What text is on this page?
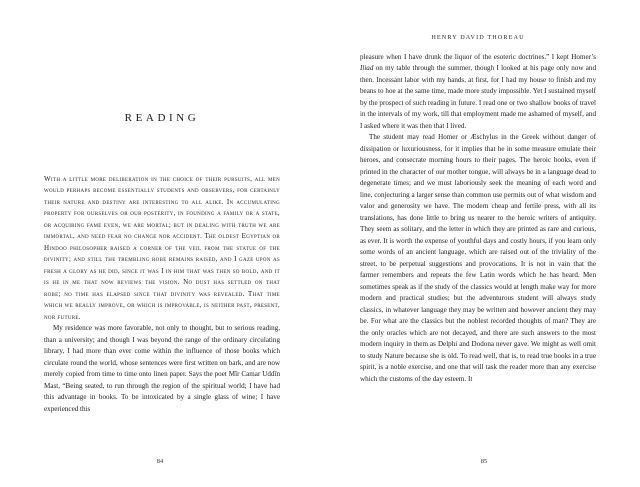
READING

With a little more deliberation in the choice of their pursuits, all men would perhaps become essentially students and observers, for certainly their nature and destiny are interesting to all alike. In accumulating property for ourselves or our posterity, in founding a family or a state, or acquiring fame even, we are mortal; but in dealing with truth we are immortal, and need fear no change nor accident. The oldest Egyptian or Hindoo philosopher raised a corner of the veil from the statue of the divinity; and still the trembling robe remains raised, and I gaze upon as fresh a glory as he did, since it was I in him that was then so bold, and it is he in me that now reviews the vision. No dust has settled on that robe; no time has elapsed since that divinity was revealed. That time which we really improve, or which is improvable, is neither past, present, nor future.

My residence was more favorable, not only to thought, but to serious reading, than a university; and though I was beyond the range of the ordinary circulating library, I had more than ever come within the influence of those books which circulate round the world, whose sentences were first written on bark, and are now merely copied from time to time onto linen paper. Says the poet Mîr Camar Uddîn Mast, “Being seated, to run through the region of the spiritual world; I have had this advantage in books. To be intoxicated by a single glass of wine; I have experienced this

84
HENRY DAVID THOREAU

pleasure when I have drunk the liquor of the esoteric doctrines.” I kept Homer’s Iliad on my table through the summer, though I looked at his page only now and then. Incessant labor with my hands, at first, for I had my house to finish and my beans to hoe at the same time, made more study impossible. Yet I sustained myself by the prospect of such reading in future. I read one or two shallow books of travel in the intervals of my work, till that employment made me ashamed of myself, and I asked where it was then that I lived.

The student may read Homer or Æschylus in the Greek without danger of dissipation or luxuriousness, for it implies that he in some measure emulate their heroes, and consecrate morning hours to their pages. The heroic books, even if printed in the character of our mother tongue, will always be in a language dead to degenerate times; and we must laboriously seek the meaning of each word and line, conjecturing a larger sense than common use permits out of what wisdom and valor and generosity we have. The modern cheap and fertile press, with all its translations, has done little to bring us nearer to the heroic writers of antiquity. They seem as solitary, and the letter in which they are printed as rare and curious, as ever. It is worth the expense of youthful days and costly hours, if you learn only some words of an ancient language, which are raised out of the triviality of the street, to be perpetual suggestions and provocations. It is not in vain that the farmer remembers and repeats the few Latin words which he has heard. Men sometimes speak as if the study of the classics would at length make way for more modern and practical studies; but the adventurous student will always study classics, in whatever language they may be written and however ancient they may be. For what are the classics but the noblest recorded thoughts of man? They are the only oracles which are not decayed, and there are such answers to the most modern inquiry in them as Delphi and Dodona never gave. We might as well omit to study Nature because she is old. To read well, that is, to read true books in a true spirit, is a noble exercise, and one that will task the reader more than any exercise which the customs of the day esteem. It

85
